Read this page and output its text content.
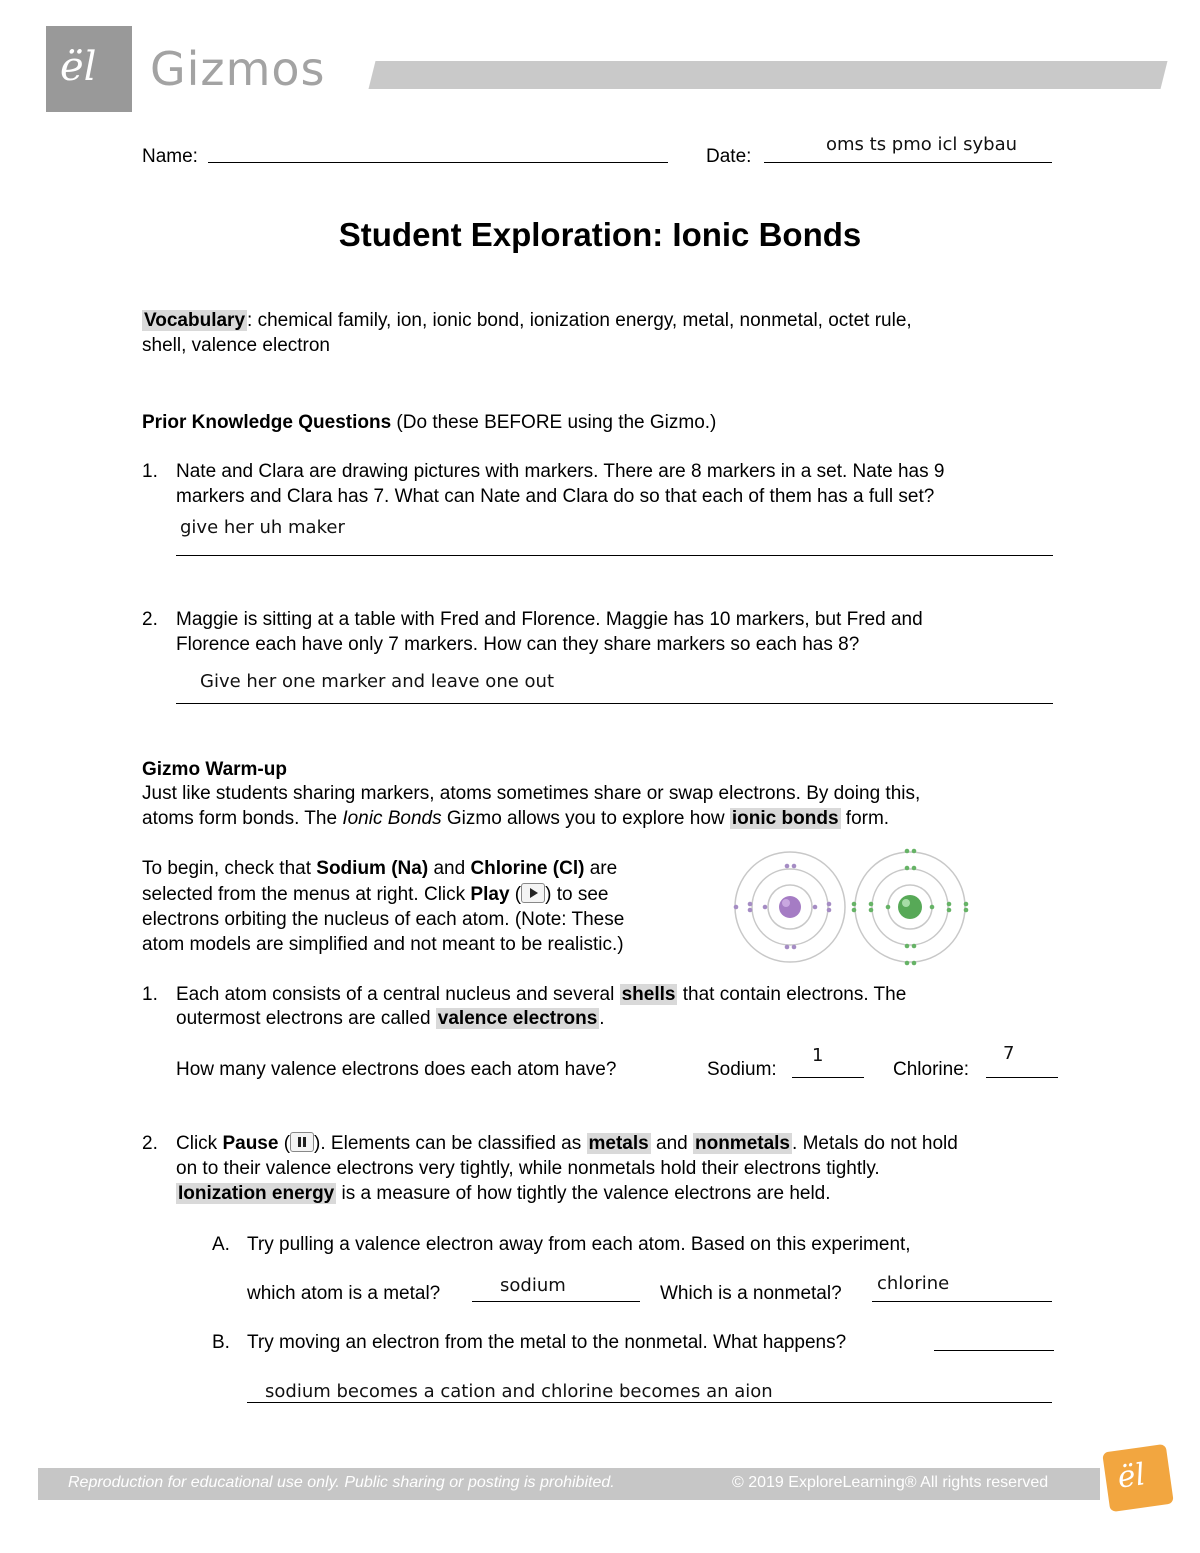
ël Gizmos
Name:	Date:
oms ts pmo icl sybau
Student Exploration: Ionic Bonds
Vocabulary : chemical family, ion, ionic bond, ionization energy, metal, nonmetal, octet rule,
shell, valence electron
Prior Knowledge Questions (Do these BEFORE using the Gizmo.)
1. Nate and Clara are drawing pictures with markers. There are 8 markers in a set. Nate has 9
markers and Clara has 7. What can Nate and Clara do so that each of them has a full set?
give her uh maker
2. Maggie is sitting at a table with Fred and Florence. Maggie has 10 markers, but Fred and
Florence each have only 7 markers. How can they share markers so each has 8?
Give her one marker and leave one out
Gizmo Warm-up
Just like students sharing markers, atoms sometimes share or swap electrons. By doing this,
atoms form bonds. The Ionic Bonds Gizmo allows you to explore how ionic bonds form.
To begin, check that Sodium (Na) and Chlorine (Cl) are
selected from the menus at right. Click Play ( ) to see
electrons orbiting the nucleus of each atom. (Note: These
atom models are simplified and not meant to be realistic.)
1. Each atom consists of a central nucleus and several shells that contain electrons. The
outermost electrons are called valence electrons .
How many valence electrons does each atom have?	Sodium:
1
Chlorine:
7
2. Click Pause ( ). Elements can be classified as metals and nonmetals . Metals do not hold
on to their valence electrons very tightly, while nonmetals hold their electrons tightly.
Ionization energy is a measure of how tightly the valence electrons are held.
A. Try pulling a valence electron away from each atom. Based on this experiment,
which atom is a metal?	sodium	Which is a nonmetal? chlorine
B. Try moving an electron from the metal to the nonmetal. What happens?
sodium becomes a cation and chlorine becomes an aion
Reproduction for educational use only. Public sharing or posting is prohibited.	© 2019 ExploreLearning® All rights reserved ël
